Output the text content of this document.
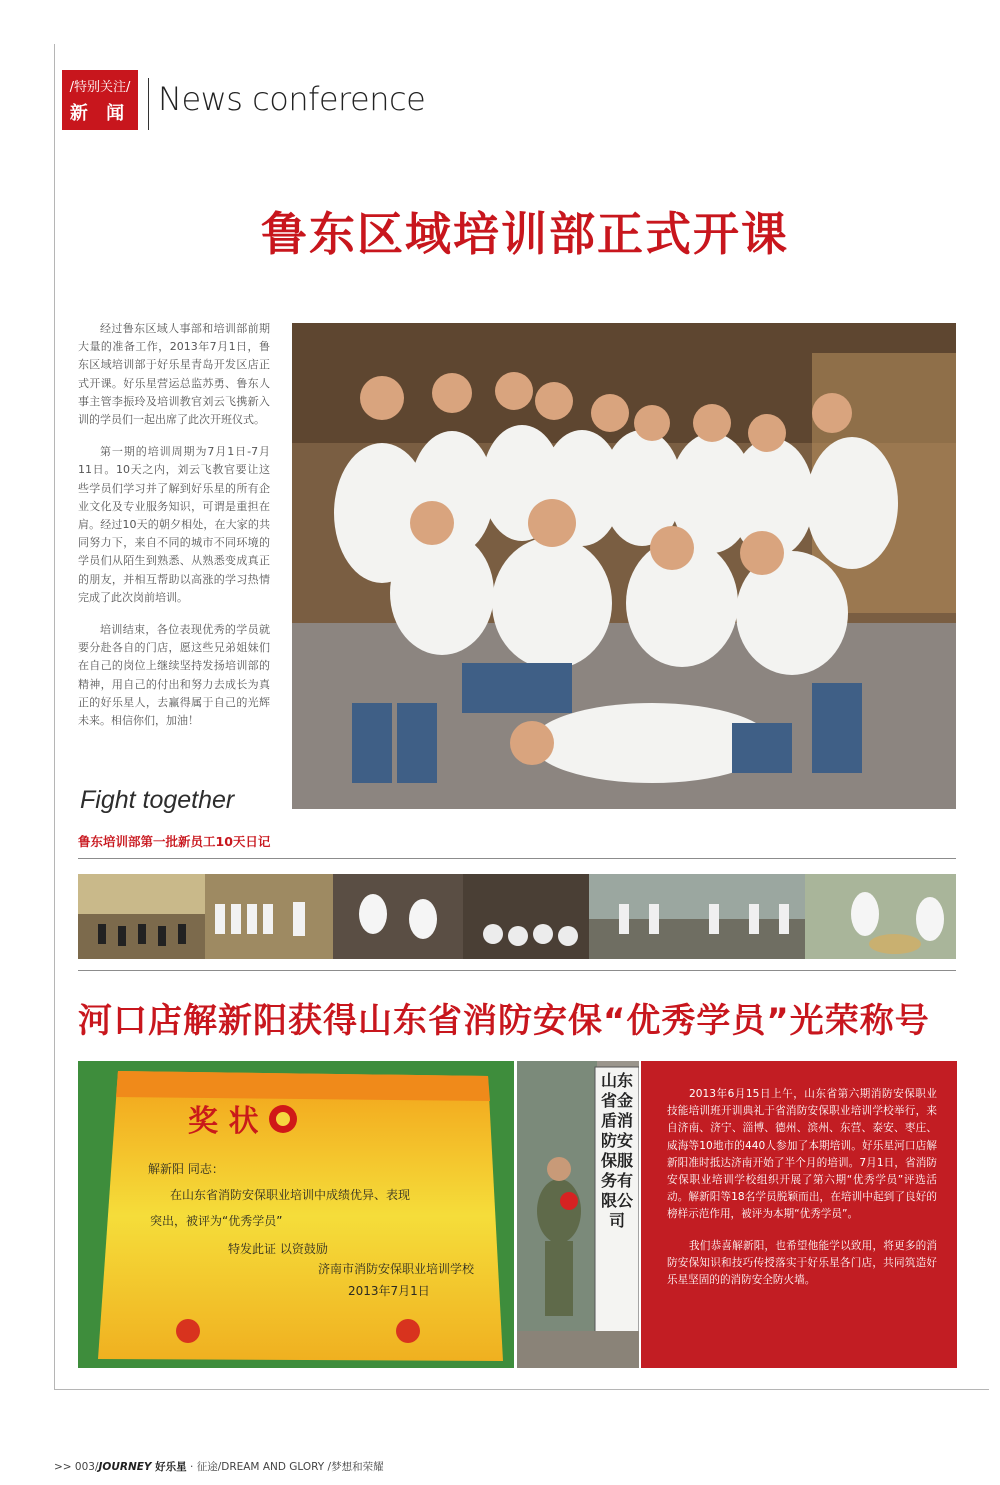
/特别关注/
新 闻 News conference
鲁东区域培训部正式开课

经过鲁东区域人事部和培训部前期大量的准备工作，2013年7月1日，鲁东区域培训部于好乐星青岛开发区店正式开课。好乐星营运总监苏勇、鲁东人事主管李振玲及培训教官刘云飞携新入训的学员们一起出席了此次开班仪式。

第一期的培训周期为7月1日-7月11日。10天之内，刘云飞教官要让这些学员们学习并了解到好乐星的所有企业文化及专业服务知识，可谓是重担在肩。经过10天的朝夕相处，在大家的共同努力下，来自不同的城市不同环境的学员们从陌生到熟悉、从熟悉变成真正的朋友，并相互帮助以高涨的学习热情完成了此次岗前培训。

培训结束，各位表现优秀的学员就要分赴各自的门店，愿这些兄弟姐妹们在自己的岗位上继续坚持发扬培训部的精神，用自己的付出和努力去成长为真正的好乐星人，去赢得属于自己的光辉未来。相信你们，加油！

Fight together
鲁东培训部第一批新员工10天日记
河口店解新阳获得山东省消防安保“优秀学员”光荣称号
奖 状
解新阳 同志：
在山东省消防安保职业培训中成绩优异、表现
突出，被评为“优秀学员”
特发此证 以资鼓励
济南市消防安保职业培训学校
2013年7月1日
山东省金盾消防安保服务有限公司

2013年6月15日上午，山东省第六期消防安保职业技能培训班开训典礼于省消防安保职业培训学校举行，来自济南、济宁、淄博、德州、滨州、东营、泰安、枣庄、威海等10地市的440人参加了本期培训。好乐星河口店解新阳准时抵达济南开始了半个月的培训。7月1日，省消防安保职业培训学校组织开展了第六期“优秀学员”评选活动。解新阳等18名学员脱颖而出，在培训中起到了良好的榜样示范作用，被评为本期“优秀学员”。

我们恭喜解新阳，也希望他能学以致用，将更多的消防安保知识和技巧传授落实于好乐星各门店，共同筑造好乐星坚固的的消防安全防火墙。

>> 003/JOURNEY 好乐星 · 征途/DREAM AND GLORY /梦想和荣耀
